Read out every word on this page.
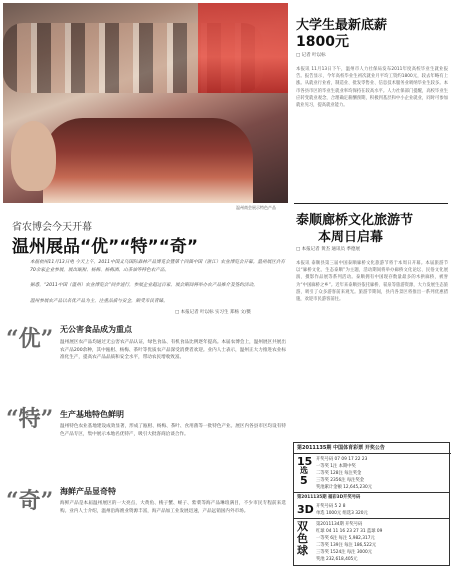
温州商会展示特色产品
省农博会今天开幕
温州展品“优”“特”“奇”
本报杭州11月13日电 今天上午，2011中国义乌国际森林产品博览会暨第十四届中国（浙江）农业博览会开幕。温州展区共有70余家企业参展，展出瓯柑、杨梅、杨梅酒、山茶油等特色农产品。
据悉，“2011中国（温州）农业博览会”同步进行，参展企业超过百家，展会期间将举办农产品推介及签约活动。
温州参展农产品以名优产品为主，注重品质与安全，颇受市民青睐。
□ 本报记者 叶以标 实习生 郑杨 文/摄
“优” 无公害食品成为重点
温州展区农产品均通过无公害农产品认证，绿色食品、有机食品比例逐年提高。本届农博会上，温州展区共展出农产品200余种，其中瓯柑、杨梅、茶叶等优质农产品深受消费者欢迎。业内人士表示，温州正大力推进农业标准化生产，提高农产品品质和安全水平，带动农民增收致富。
“特” 生产基地特色鲜明
温州特色农业基地建设成效显著，形成了瓯柑、杨梅、茶叶、食用菌等一批特色产业。展区内各县市区均设有特色产品专区，集中展示本地名优特产，吸引大批客商洽谈合作。
“奇” 海鲜产品显奇特
海鲜产品是本届温州展区的一大亮点，大黄鱼、梭子蟹、蛏子、紫菜等海产品琳琅满目，不少市民专程前来选购。业内人士介绍，温州沿海渔业资源丰富，海产品加工业发展迅速，产品远销国内外市场。
大学生最新底薪
1800元
□ 记者 叶以标
本报讯 11月13日下午，温州市人力社保局发布2011年度高校毕业生就业报告。报告显示，今年高校毕业生初次就业月平均工资约1800元，较去年略有上涨。从就业行业看，制造业、批发零售业、信息技术服务业吸纳毕业生较多。本市各县市区的毕业生就业率均保持在较高水平。人力社保部门提醒，高校毕业生应转变就业观念，合理确定薪酬预期，积极到基层和中小企业就业，同时可参加就业见习，提高就业能力。
泰顺廊桥文化旅游节
本周日启幕
□ 本报记者 黄杰 通讯员 季德展
本报讯 泰顺县第三届中国泰顺廊桥文化旅游节将于本周日开幕。本届旅游节以“廊桥文化、生态泰顺”为主题，活动期间将举办廊桥文化论坛、民俗文化展演、摄影作品展等系列活动。泰顺拥有中国现存数量最多的木拱廊桥，被誉为“中国廊桥之乡”。近年来泰顺县依托廊桥、氡泉等旅游资源，大力发展生态旅游，吸引了众多游客前来观光。旅游节期间，县内各景区将推出一系列优惠措施，欢迎市民游客前往。
第2011135期 中国体育彩票 开奖公告
15
选
5
开奖号码 07 09 17 22 23
一等奖 1注 本期中奖
二等奖 128注 每注奖金
三等奖 2356注 每注奖金
奖池累计金额 12,645,230元
第2011135期 福彩3D开奖号码
3D 开奖号码 5 2 8
单选 1000元 组选3 320元
双色球
第2011134期 开奖号码
红球 04 11 16 23 27 31 蓝球 09
一等奖 6注 每注 5,982,317元
二等奖 139注 每注 186,522元
三等奖 1524注 每注 3000元
奖池 232,618,405元
